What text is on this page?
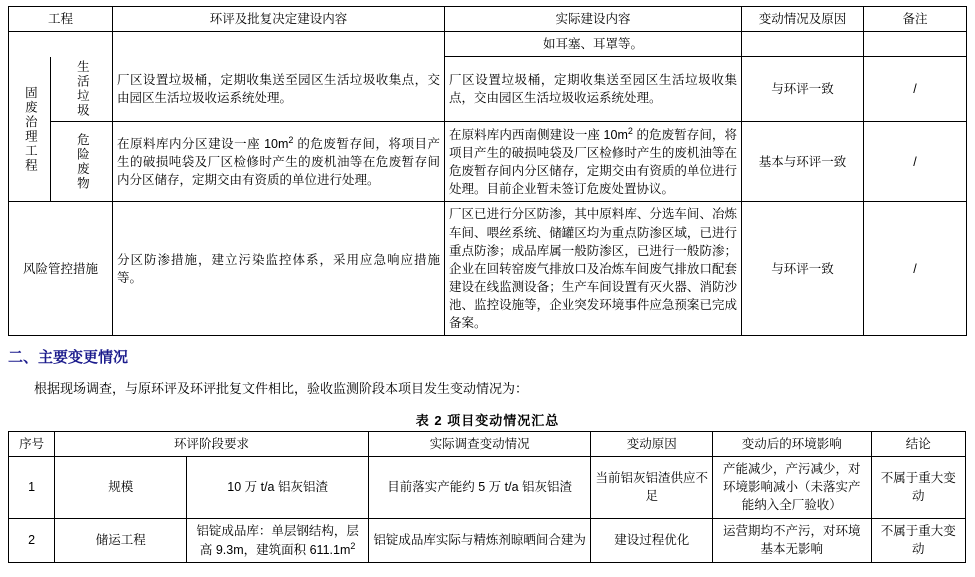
工程		环评及批复决定建设内容	实际建设内容	变动情况及原因	备注
			如耳塞、耳罩等。		

固废治理工程	生活垃圾	厂区设置垃圾桶，定期收集送至园区生活垃圾收集点，交由园区生活垃圾收运系统处理。	厂区设置垃圾桶，定期收集送至园区生活垃圾收集点，交由园区生活垃圾收运系统处理。	与环评一致	/

	危险废物	在原料库内分区建设一座 $10m^2$ 的危废暂存间，将项目产生的破损吨袋及厂区检修时产生的废机油等在危废暂存间内分区储存，定期交由有资质的单位进行处理。	在原料库内西南侧建设一座 $10m^2$ 的危废暂存间，将项目产生的破损吨袋及厂区检修时产生的废机油等在危废暂存间内分区储存，定期交由有资质的单位进行处理。目前企业暂未签订危废处置协议。	基本与环评一致	/
风险管控措施		分区防渗措施，建立污染监控体系，采用应急响应措施等。	厂区已进行分区防渗，其中原料库、分选车间、冶炼车间、喂丝系统、储罐区均为重点防渗区域，已进行重点防渗；成品库属一般防渗区，已进行一般防渗；企业在回转窑废气排放口及冶炼车间废气排放口配套建设在线监测设备；生产车间设置有灭火器、消防沙池、监控设施等，企业突发环境事件应急预案已完成备案。	与环评一致	/
二、主要变更情况
根据现场调查，与原环评及环评批复文件相比，验收监测阶段本项目发生变动情况为：
表 2 项目变动情况汇总
序号	环评阶段要求		实际调查变动情况	变动原因	变动后的环境影响	结论
1	规模	10 万 t/a 铝灰铝渣	目前落实产能约 5 万 t/a 铝灰铝渣	当前铝灰铝渣供应不足	产能减少，产污减少，对环境影响减小（未落实产能纳入全厂验收）	不属于重大变动
2	储运工程	铝锭成品库：单层钢结构，层高 9.3m，建筑面积 $611.1m^2$	铝锭成品库实际与精炼剂晾晒间合建为	建设过程优化	运营期均不产污，对环境基本无影响	不属于重大变动
